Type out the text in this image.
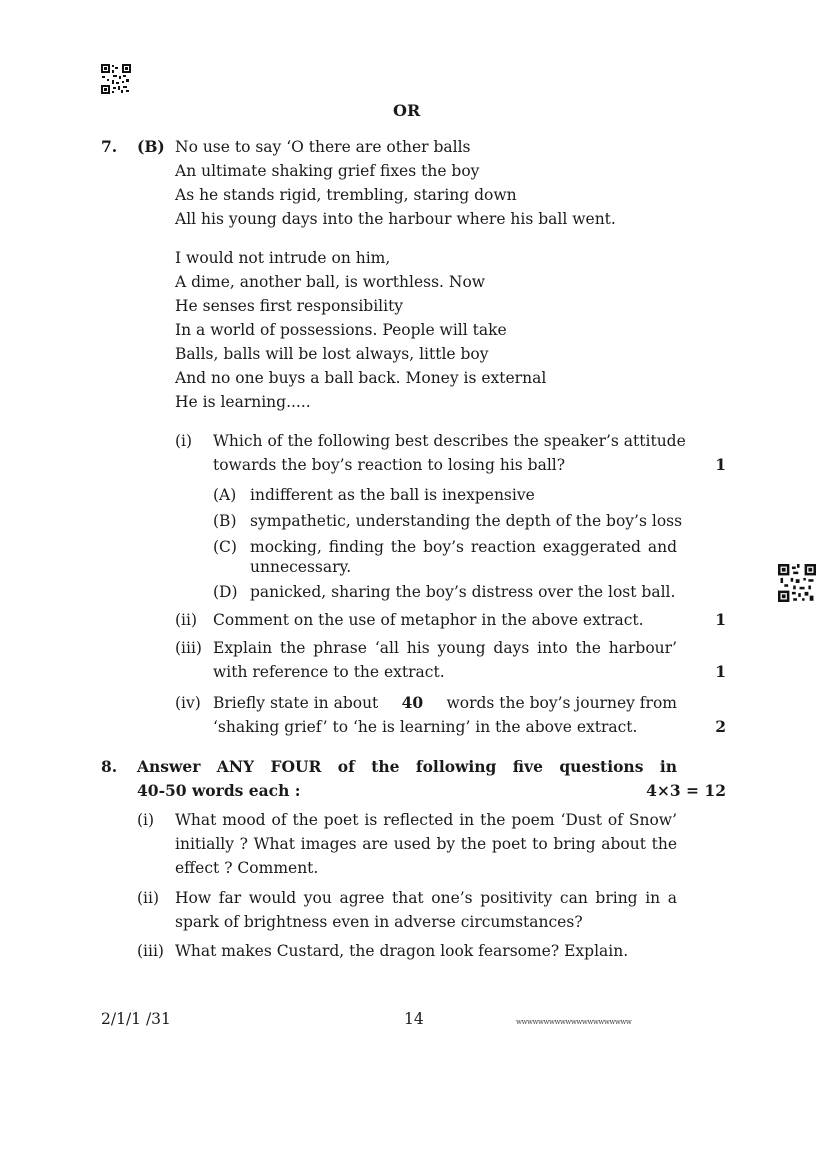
OR
7. (B) No use to say ‘O there are other balls
An ultimate shaking grief fixes the boy
As he stands rigid, trembling, staring down
All his young days into the harbour where his ball went.
I would not intrude on him,
A dime, another ball, is worthless. Now
He senses first responsibility
In a world of possessions. People will take
Balls, balls will be lost always, little boy
And no one buys a ball back. Money is external
He is learning.....
(i) Which of the following best describes the speaker’s attitude
towards the boy’s reaction to losing his ball?	1
(A) indifferent as the ball is inexpensive
(B) sympathetic, understanding the depth of the boy’s loss
(C) mocking, finding the boy’s reaction exaggerated and
unnecessary.
(D) panicked, sharing the boy’s distress over the lost ball.
(ii) Comment on the use of metaphor in the above extract.	1
(iii) Explain the phrase ‘all his young days into the harbour’
with reference to the extract.	1
(iv) Briefly state in about 40 words the boy’s journey from
‘shaking grief’ to ‘he is learning’ in the above extract.	2
8. Answer ANY FOUR of the following five questions in
40-50 words each :	4×3 = 12
(i) What mood of the poet is reflected in the poem ‘Dust of Snow’
initially ? What images are used by the poet to bring about the
effect ? Comment.
(ii) How far would you agree that one’s positivity can bring in a
spark of brightness even in adverse circumstances?
(iii) What makes Custard, the dragon look fearsome? Explain.
2/1/1 /31	14	wwwwwwwwwwwwwwwwwwwww
